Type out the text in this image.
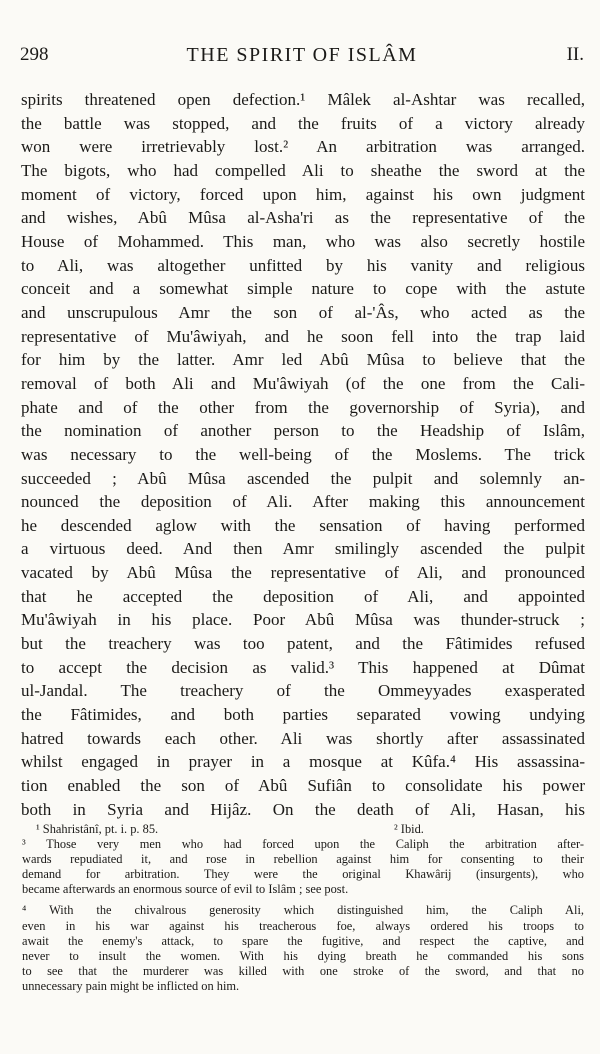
THE SPIRIT OF ISLÂM
298	II.
spirits threatened open defection.¹ Mâlek al-Ashtar was recalled,
the battle was stopped, and the fruits of a victory already
won were irretrievably lost.² An arbitration was arranged.
The bigots, who had compelled Ali to sheathe the sword at the
moment of victory, forced upon him, against his own judgment
and wishes, Abû Mûsa al-Asha'ri as the representative of the
House of Mohammed. This man, who was also secretly hostile
to Ali, was altogether unfitted by his vanity and religious
conceit and a somewhat simple nature to cope with the astute
and unscrupulous Amr the son of al-'Âs, who acted as the
representative of Mu'âwiyah, and he soon fell into the trap laid
for him by the latter. Amr led Abû Mûsa to believe that the
removal of both Ali and Mu'âwiyah (of the one from the Cali-
phate and of the other from the governorship of Syria), and
the nomination of another person to the Headship of Islâm,
was necessary to the well-being of the Moslems. The trick
succeeded ; Abû Mûsa ascended the pulpit and solemnly an-
nounced the deposition of Ali. After making this announcement
he descended aglow with the sensation of having performed
a virtuous deed. And then Amr smilingly ascended the pulpit
vacated by Abû Mûsa the representative of Ali, and pronounced
that he accepted the deposition of Ali, and appointed
Mu'âwiyah in his place. Poor Abû Mûsa was thunder-struck ;
but the treachery was too patent, and the Fâtimides refused
to accept the decision as valid.³ This happened at Dûmat
ul-Jandal. The treachery of the Ommeyyades exasperated
the Fâtimides, and both parties separated vowing undying
hatred towards each other. Ali was shortly after assassinated
whilst engaged in prayer in a mosque at Kûfa.⁴ His assassina-
tion enabled the son of Abû Sufiân to consolidate his power
both in Syria and Hijâz. On the death of Ali, Hasan, his
¹ Shahristânî, pt. i. p. 85.	² Ibid.
³ Those very men who had forced upon the Caliph the arbitration after-
wards repudiated it, and rose in rebellion against him for consenting to their
demand for arbitration. They were the original Khawârij (insurgents), who
became afterwards an enormous source of evil to Islâm ; see post.
⁴ With the chivalrous generosity which distinguished him, the Caliph Ali,
even in his war against his treacherous foe, always ordered his troops to
await the enemy's attack, to spare the fugitive, and respect the captive, and
never to insult the women. With his dying breath he commanded his sons
to see that the murderer was killed with one stroke of the sword, and that no
unnecessary pain might be inflicted on him.
